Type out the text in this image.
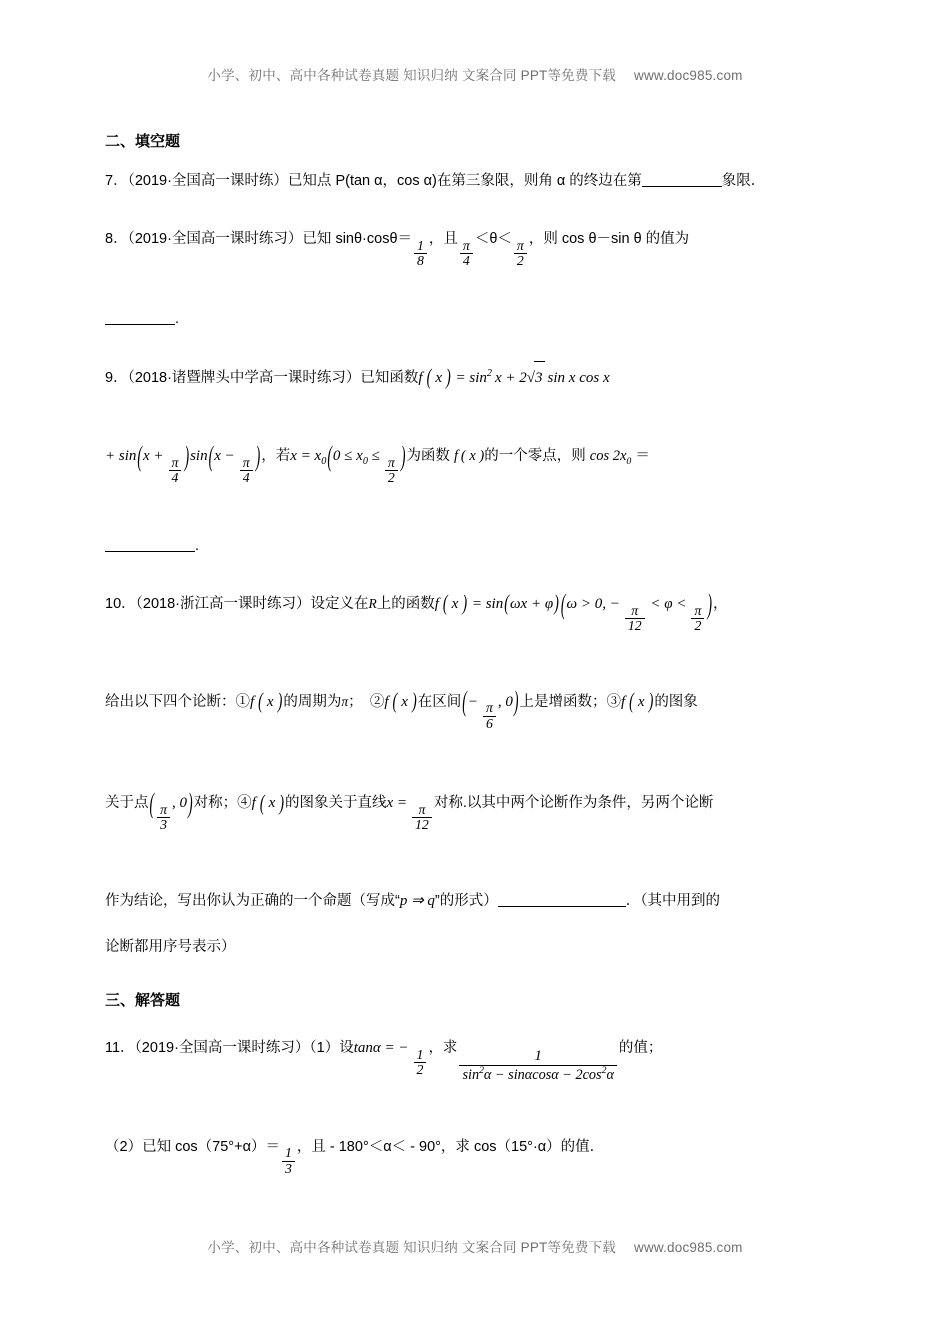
小学、初中、高中各种试卷真题 知识归纳 文案合同 PPT等免费下载 www.doc985.com
二、填空题
7．（2019·全国高一课时练）已知点 P(tan α，cos α)在第三象限，则角 α 的终边在第	象限．
8．（2019·全国高一课时练习）已知 $\sin\theta\cdot\cos\theta= \frac{1}{8}$ ，且 $\frac{\pi}{4} <\theta< \frac{\pi}{2}$ ，则 cos θ－sin θ 的值为
.
9．（2018·诸暨牌头中学高一课时练习）已知函数f ( x ) = $\sin^2 x + 2√3$ sin x cos x
+ $\sin(x + \frac{\pi}{4} )\sin(x - \frac{\pi}{4}$ )，若$x = x_0(0 \le x_0 \le \frac{\pi}{2}$ )为函数 f ( x )的一个零点，则 $\cos 2x_0$ ＝
.
10．（2018·浙江高一课时练习）设定义在R上的函数f ( x ) = sin(ωx + φ) (ω > 0, −  $\frac{\pi}{12} < \varphi < \frac{\pi}{2}$ )，
给出以下四个论断：①f ( x )的周期为π；　②f ( x )在区间(−  $\frac{\pi}{6}$ , 0)上是增函数；③f ( x )的图象
关于点( $\frac{\pi}{3}$ , 0)对称；④f ( x )的图象关于直线$x = \frac{\pi}{12}$ 对称.以其中两个论断作为条件，另两个论断
作为结论，写出你认为正确的一个命题（写成“p ⇒ q”的形式）	．（其中用到的
论断都用序号表示）
三、解答题
11．（2019·全国高一课时练习）（1）设tanα = −  $\frac{1}{2}$ ，求
$\frac{1}{\sin^2\alpha - \sin\alpha\cos\alpha - 2\cos^2\alpha}$
的值；
（2）已知 $\cos(75^\circ+\alpha)= \frac{1}{3}$ ，且 - 180°＜α＜ - 90°，求 cos（15°·α）的值．
小学、初中、高中各种试卷真题 知识归纳 文案合同 PPT等免费下载 www.doc985.com
